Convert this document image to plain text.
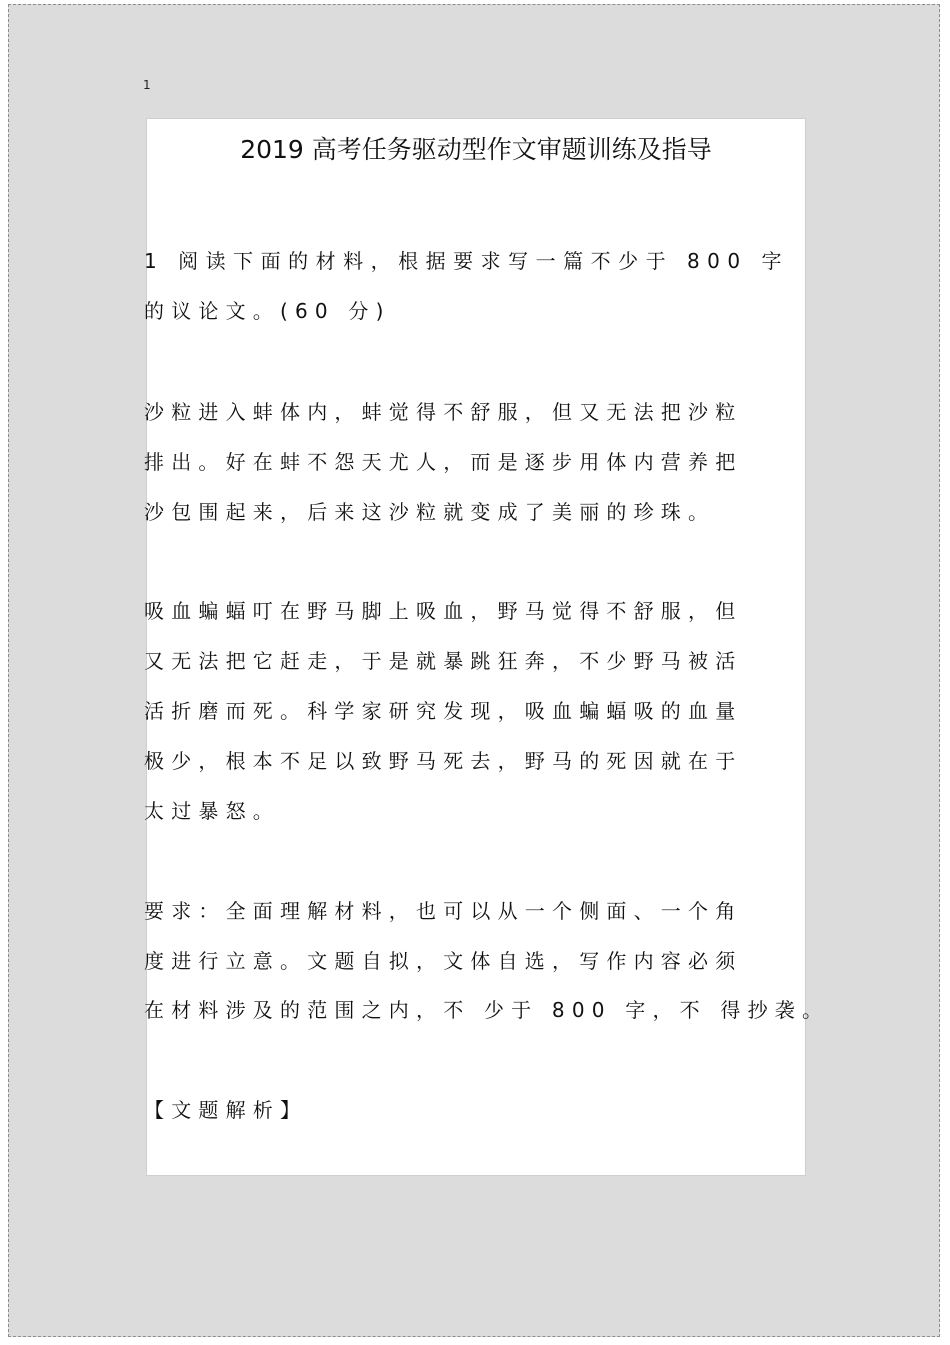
1
2019 高考任务驱动型作文审题训练及指导

1 阅读下面的材料，根据要求写一篇不少于 800 字

的议论文。(60 分)

沙粒进入蚌体内，蚌觉得不舒服，但又无法把沙粒

排出。好在蚌不怨天尤人，而是逐步用体内营养把

沙包围起来，后来这沙粒就变成了美丽的珍珠。

吸血蝙蝠叮在野马脚上吸血，野马觉得不舒服，但

又无法把它赶走，于是就暴跳狂奔，不少野马被活

活折磨而死。科学家研究发现，吸血蝙蝠吸的血量

极少，根本不足以致野马死去，野马的死因就在于

太过暴怒。

要求：全面理解材料，也可以从一个侧面、一个角

度进行立意。文题自拟，文体自选，写作内容必须

在材料涉及的范围之内，不 少于 800 字，不 得抄袭。

【文题解析】
